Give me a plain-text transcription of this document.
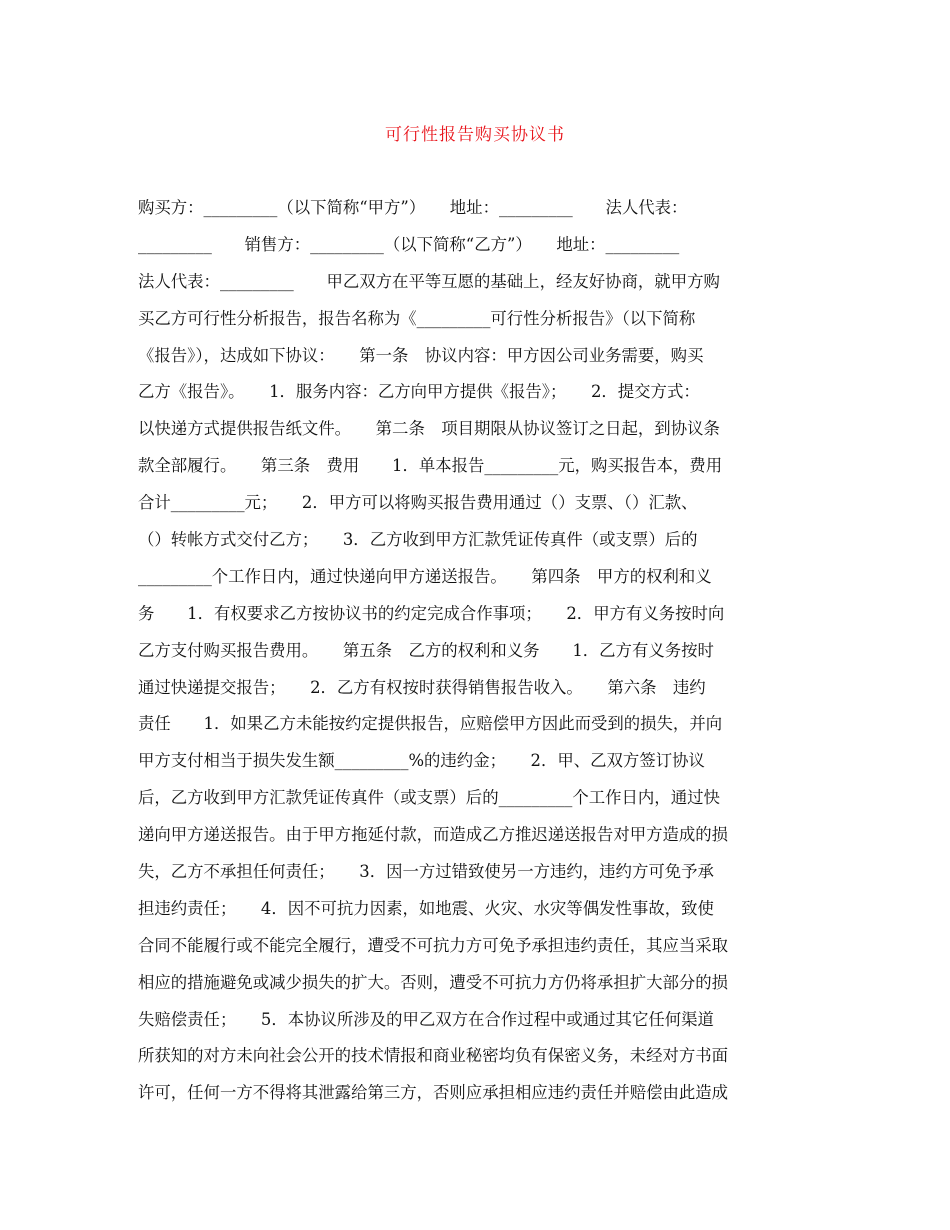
可行性报告购买协议书
购买方：_________（以下简称“甲方”）　　地址：_________　　法人代表：
_________　　销售方：_________（以下简称“乙方”）　　地址：_________
法人代表：_________　　甲乙双方在平等互愿的基础上，经友好协商，就甲方购
买乙方可行性分析报告，报告名称为《_________可行性分析报告》（以下简称
《报告》），达成如下协议：　　第一条　协议内容：甲方因公司业务需要，购买
乙方《报告》。　　1．服务内容：乙方向甲方提供《报告》；　　2．提交方式：
以快递方式提供报告纸文件。　　第二条　项目期限从协议签订之日起，到协议条
款全部履行。　　第三条　费用　　1．单本报告_________元，购买报告本，费用
合计_________元；　　2．甲方可以将购买报告费用通过（）支票、（）汇款、
（）转帐方式交付乙方；　　3．乙方收到甲方汇款凭证传真件（或支票）后的
_________个工作日内，通过快递向甲方递送报告。　　第四条　甲方的权利和义
务　　1．有权要求乙方按协议书的约定完成合作事项；　　2．甲方有义务按时向
乙方支付购买报告费用。　　第五条　乙方的权利和义务　　1．乙方有义务按时
通过快递提交报告；　　2．乙方有权按时获得销售报告收入。　　第六条　违约
责任　　1．如果乙方未能按约定提供报告，应赔偿甲方因此而受到的损失，并向
甲方支付相当于损失发生额_________%的违约金；　　2．甲、乙双方签订协议
后，乙方收到甲方汇款凭证传真件（或支票）后的_________个工作日内，通过快
递向甲方递送报告。由于甲方拖延付款，而造成乙方推迟递送报告对甲方造成的损
失，乙方不承担任何责任；　　3．因一方过错致使另一方违约，违约方可免予承
担违约责任；　　4．因不可抗力因素，如地震、火灾、水灾等偶发性事故，致使
合同不能履行或不能完全履行，遭受不可抗力方可免予承担违约责任，其应当采取
相应的措施避免或减少损失的扩大。否则，遭受不可抗力方仍将承担扩大部分的损
失赔偿责任；　　5．本协议所涉及的甲乙双方在合作过程中或通过其它任何渠道
所获知的对方未向社会公开的技术情报和商业秘密均负有保密义务，未经对方书面
许可，任何一方不得将其泄露给第三方，否则应承担相应违约责任并赔偿由此造成
